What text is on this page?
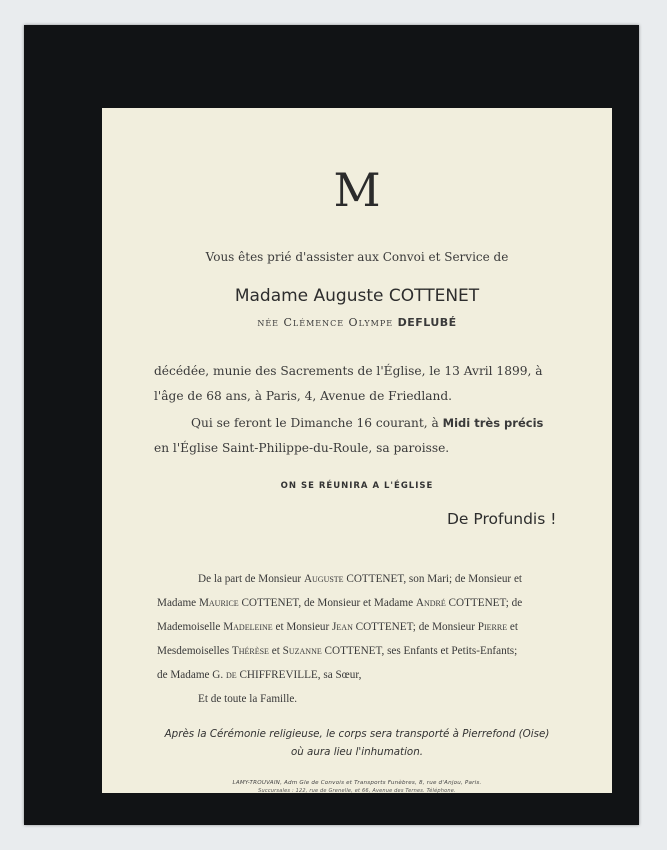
M
Vous êtes prié d'assister aux Convoi et Service de
Madame Auguste COTTENET
née Clémence Olympe DEFLUBÉ
décédée, munie des Sacrements de l'Église, le 13 Avril 1899, à
l'âge de 68 ans, à Paris, 4, Avenue de Friedland.
Qui se feront le Dimanche 16 courant, à Midi très précis
en l'Église Saint-Philippe-du-Roule, sa paroisse.
ON SE RÉUNIRA A L'ÉGLISE
De Profundis !
De la part de Monsieur Auguste COTTENET, son Mari; de Monsieur et
Madame Maurice COTTENET, de Monsieur et Madame André COTTENET; de
Mademoiselle Madeleine et Monsieur Jean COTTENET; de Monsieur Pierre et
Mesdemoiselles Thérèse et Suzanne COTTENET, ses Enfants et Petits-Enfants;
de Madame G. de CHIFFREVILLE, sa Sœur,
Et de toute la Famille.
Après la Cérémonie religieuse, le corps sera transporté à Pierrefond (Oise)
où aura lieu l'inhumation.
LAMY-TROUVAIN, Adm Gle de Convois et Transports Funèbres, 8, rue d'Anjou, Paris.
Succursales : 122, rue de Grenelle, et 66, Avenue des Ternes. Téléphone.
